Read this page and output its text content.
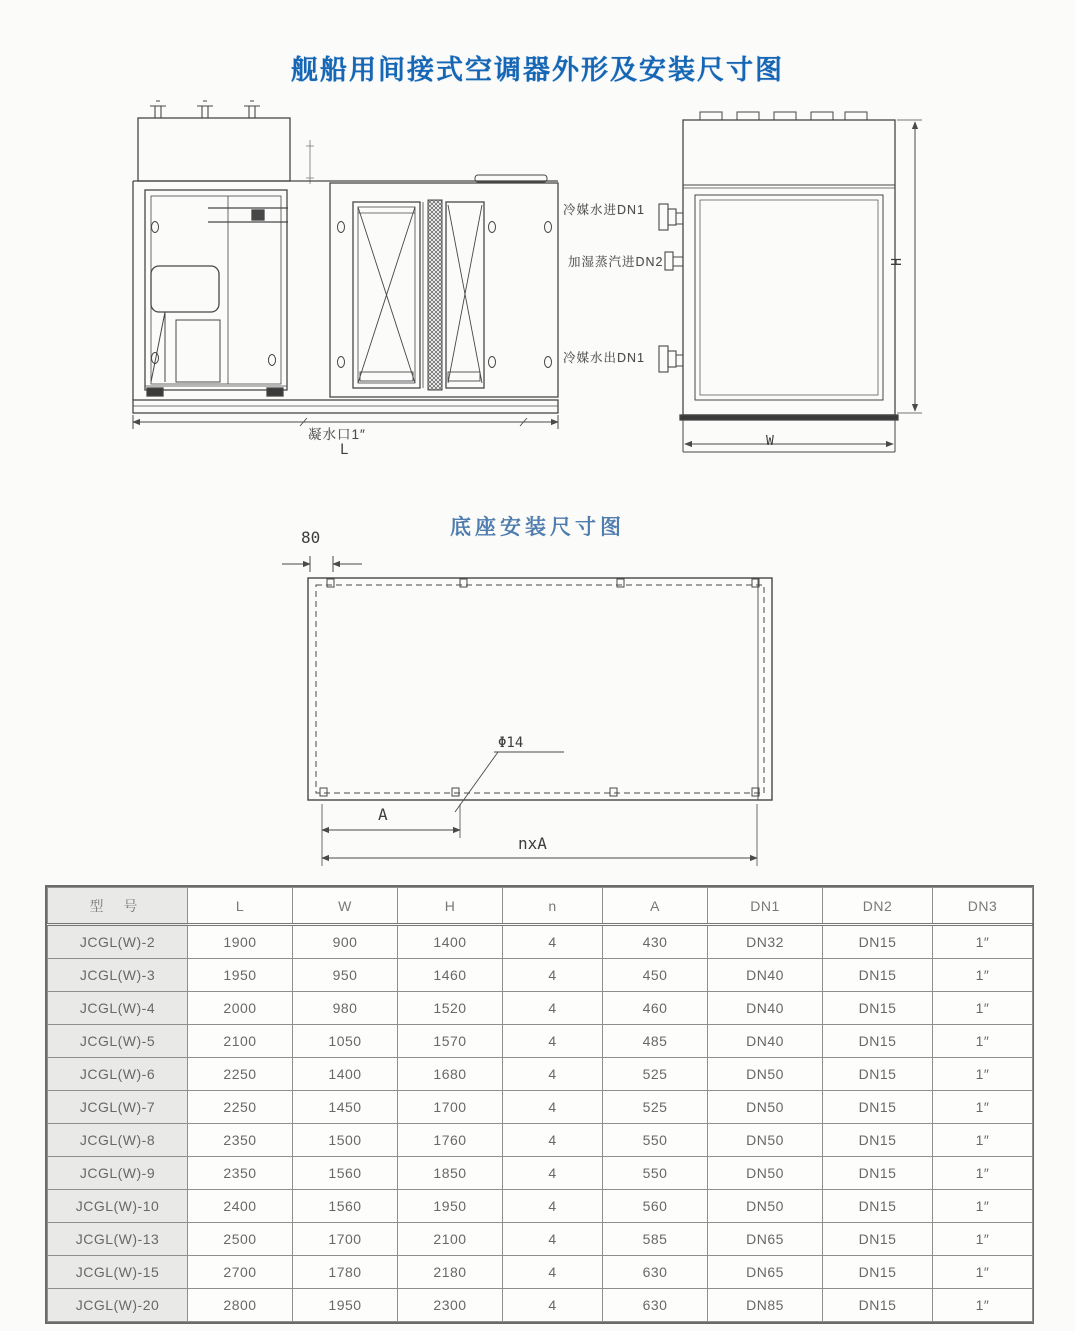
舰船用间接式空调器外形及安装尺寸图
冷媒水进DN1
加湿蒸汽进DN2
冷媒水出DN1
凝水口1″
L
H
W
底座安装尺寸图
80
Φ14
A
nxA
型 号	L	W	H	n	A	DN1	DN2	DN3
JCGL(W)-2	1900	900	1400	4	430	DN32	DN15	1″
JCGL(W)-3	1950	950	1460	4	450	DN40	DN15	1″
JCGL(W)-4	2000	980	1520	4	460	DN40	DN15	1″
JCGL(W)-5	2100	1050	1570	4	485	DN40	DN15	1″
JCGL(W)-6	2250	1400	1680	4	525	DN50	DN15	1″
JCGL(W)-7	2250	1450	1700	4	525	DN50	DN15	1″
JCGL(W)-8	2350	1500	1760	4	550	DN50	DN15	1″
JCGL(W)-9	2350	1560	1850	4	550	DN50	DN15	1″
JCGL(W)-10	2400	1560	1950	4	560	DN50	DN15	1″
JCGL(W)-13	2500	1700	2100	4	585	DN65	DN15	1″
JCGL(W)-15	2700	1780	2180	4	630	DN65	DN15	1″
JCGL(W)-20	2800	1950	2300	4	630	DN85	DN15	1″
